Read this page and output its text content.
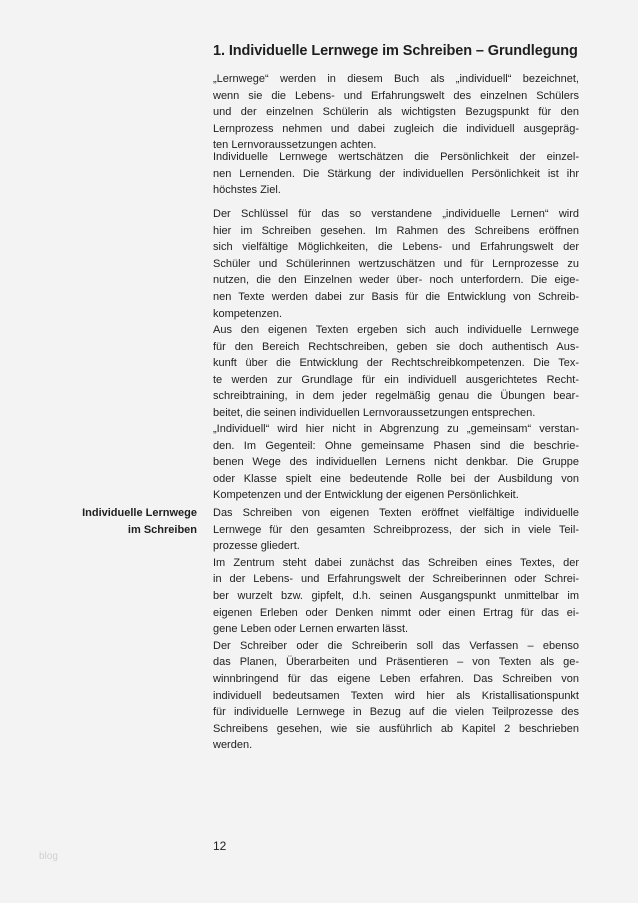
1. Individuelle Lernwege im Schreiben – Grundlegung
„Lernwege“ werden in diesem Buch als „individuell“ bezeichnet,
wenn sie die Lebens- und Erfahrungswelt des einzelnen Schülers
und der einzelnen Schülerin als wichtigsten Bezugspunkt für den
Lernprozess nehmen und dabei zugleich die individuell ausgepräg-
ten Lernvoraussetzungen achten.
Individuelle Lernwege wertschätzen die Persönlichkeit der einzel-
nen Lernenden. Die Stärkung der individuellen Persönlichkeit ist ihr
höchstes Ziel.
Der Schlüssel für das so verstandene „individuelle Lernen“ wird
hier im Schreiben gesehen. Im Rahmen des Schreibens eröffnen
sich vielfältige Möglichkeiten, die Lebens- und Erfahrungswelt der
Schüler und Schülerinnen wertzuschätzen und für Lernprozesse zu
nutzen, die den Einzelnen weder über- noch unterfordern. Die eige-
nen Texte werden dabei zur Basis für die Entwicklung von Schreib-
kompetenzen.
Aus den eigenen Texten ergeben sich auch individuelle Lernwege
für den Bereich Rechtschreiben, geben sie doch authentisch Aus-
kunft über die Entwicklung der Rechtschreibkompetenzen. Die Tex-
te werden zur Grundlage für ein individuell ausgerichtetes Recht-
schreibtraining, in dem jeder regelmäßig genau die Übungen bear-
beitet, die seinen individuellen Lernvoraussetzungen entsprechen.
„Individuell“ wird hier nicht in Abgrenzung zu „gemeinsam“ verstan-
den. Im Gegenteil: Ohne gemeinsame Phasen sind die beschrie-
benen Wege des individuellen Lernens nicht denkbar. Die Gruppe
oder Klasse spielt eine bedeutende Rolle bei der Ausbildung von
Kompetenzen und der Entwicklung der eigenen Persönlichkeit.
Das Schreiben von eigenen Texten eröffnet vielfältige individuelle
Lernwege für den gesamten Schreibprozess, der sich in viele Teil-
prozesse gliedert.
Im Zentrum steht dabei zunächst das Schreiben eines Textes, der
in der Lebens- und Erfahrungswelt der Schreiberinnen oder Schrei-
ber wurzelt bzw. gipfelt, d.h. seinen Ausgangspunkt unmittelbar im
eigenen Erleben oder Denken nimmt oder einen Ertrag für das ei-
gene Leben oder Lernen erwarten lässt.
Der Schreiber oder die Schreiberin soll das Verfassen – ebenso
das Planen, Überarbeiten und Präsentieren – von Texten als ge-
winnbringend für das eigene Leben erfahren. Das Schreiben von
individuell bedeutsamen Texten wird hier als Kristallisationspunkt
für individuelle Lernwege in Bezug auf die vielen Teilprozesse des
Schreibens gesehen, wie sie ausführlich ab Kapitel 2 beschrieben
werden.
Individuelle Lernwege
im Schreiben
12
blog
